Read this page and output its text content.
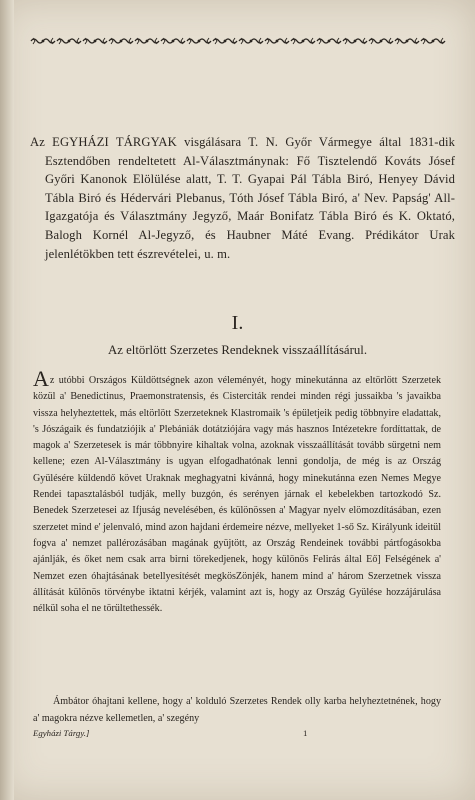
Az EGYHÁZI TÁRGYAK visgálásara T. N. Győr Vármegye által 1831-dik Esztendőben rendeltetett Al-Választmánynak: Fő Tisztelendő Kováts Jósef Győri Kanonok Elölülése alatt, T. T. Gyapai Pál Tábla Biró, Henyey Dávid Tábla Biró és Hédervári Plebanus, Tóth Jósef Tábla Biró, a' Nev. Papság' All-Igazgatója és Választmány Jegyző, Maár Bonifatz Tábla Biró és K. Oktató, Balogh Kornél Al-Jegyző, és Haubner Máté Evang. Prédikátor Urak jelenlétökben tett észrevételei, u. m.

I.
Az eltörlött Szerzetes Rendeknek visszaállításárul.

Az utóbbi Országos Küldöttségnek azon véleményét, hogy minekutánna az eltörlött Szerzetek közül a' Benedictinus, Praemonstratensis, és Cisterciták rendei minden régi jussaikba 's javaikba vissza helyheztettek, más eltörlött Szerzeteknek Klastromaik 's épületjeik pedig többnyire eladattak, 's Jószágaik és fundatziójik a' Plebániák dotátziójára vagy más hasznos Intézetekre fordíttattak, de magok a' Szerzetesek is már többnyire kihaltak volna, azoknak visszaállítását tovább sürgetni nem kellene; ezen Al-Választmány is ugyan elfogadhatónak lenni gondolja, de még is az Ország Gyülésére küldendő követ Uraknak meghagyatni kivánná, hogy minekutánna ezen Nemes Megye Rendei tapasztalásból tudják, melly buzgón, és serényen járnak el kebelekben tartozkodó Sz. Benedek Szerzetesei az Ifjuság nevelésében, és különössen a' Magyar nyelv elömozdításában, ezen szerzetet mind e' jelenvaló, mind azon hajdani érdemeire nézve, mellyeket 1-ső Sz. Királyunk ideitül fogva a' nemzet pallérozásában magának gyüjtött, az Ország Rendeinek további pártfogásokba ajánlják, és őket nem csak arra birni törekedjenek, hogy különös Felirás által Eő] Felségének a' Nemzet ezen óhajtásának betellyesítését megkösZönjék, hanem mind a' három Szerzetnek vissza állítását különös törvénybe iktatni kérjék, valamint azt is, hogy az Ország Gyülése hozzájárulása nélkül soha el ne törültethessék.

Ámbátor óhajtani kellene, hogy a' kolduló Szerzetes Rendek olly karba helyheztetnének, hogy a' magokra nézve kellemetlen, a' szegény
Egyházi Tárgy.]	1
